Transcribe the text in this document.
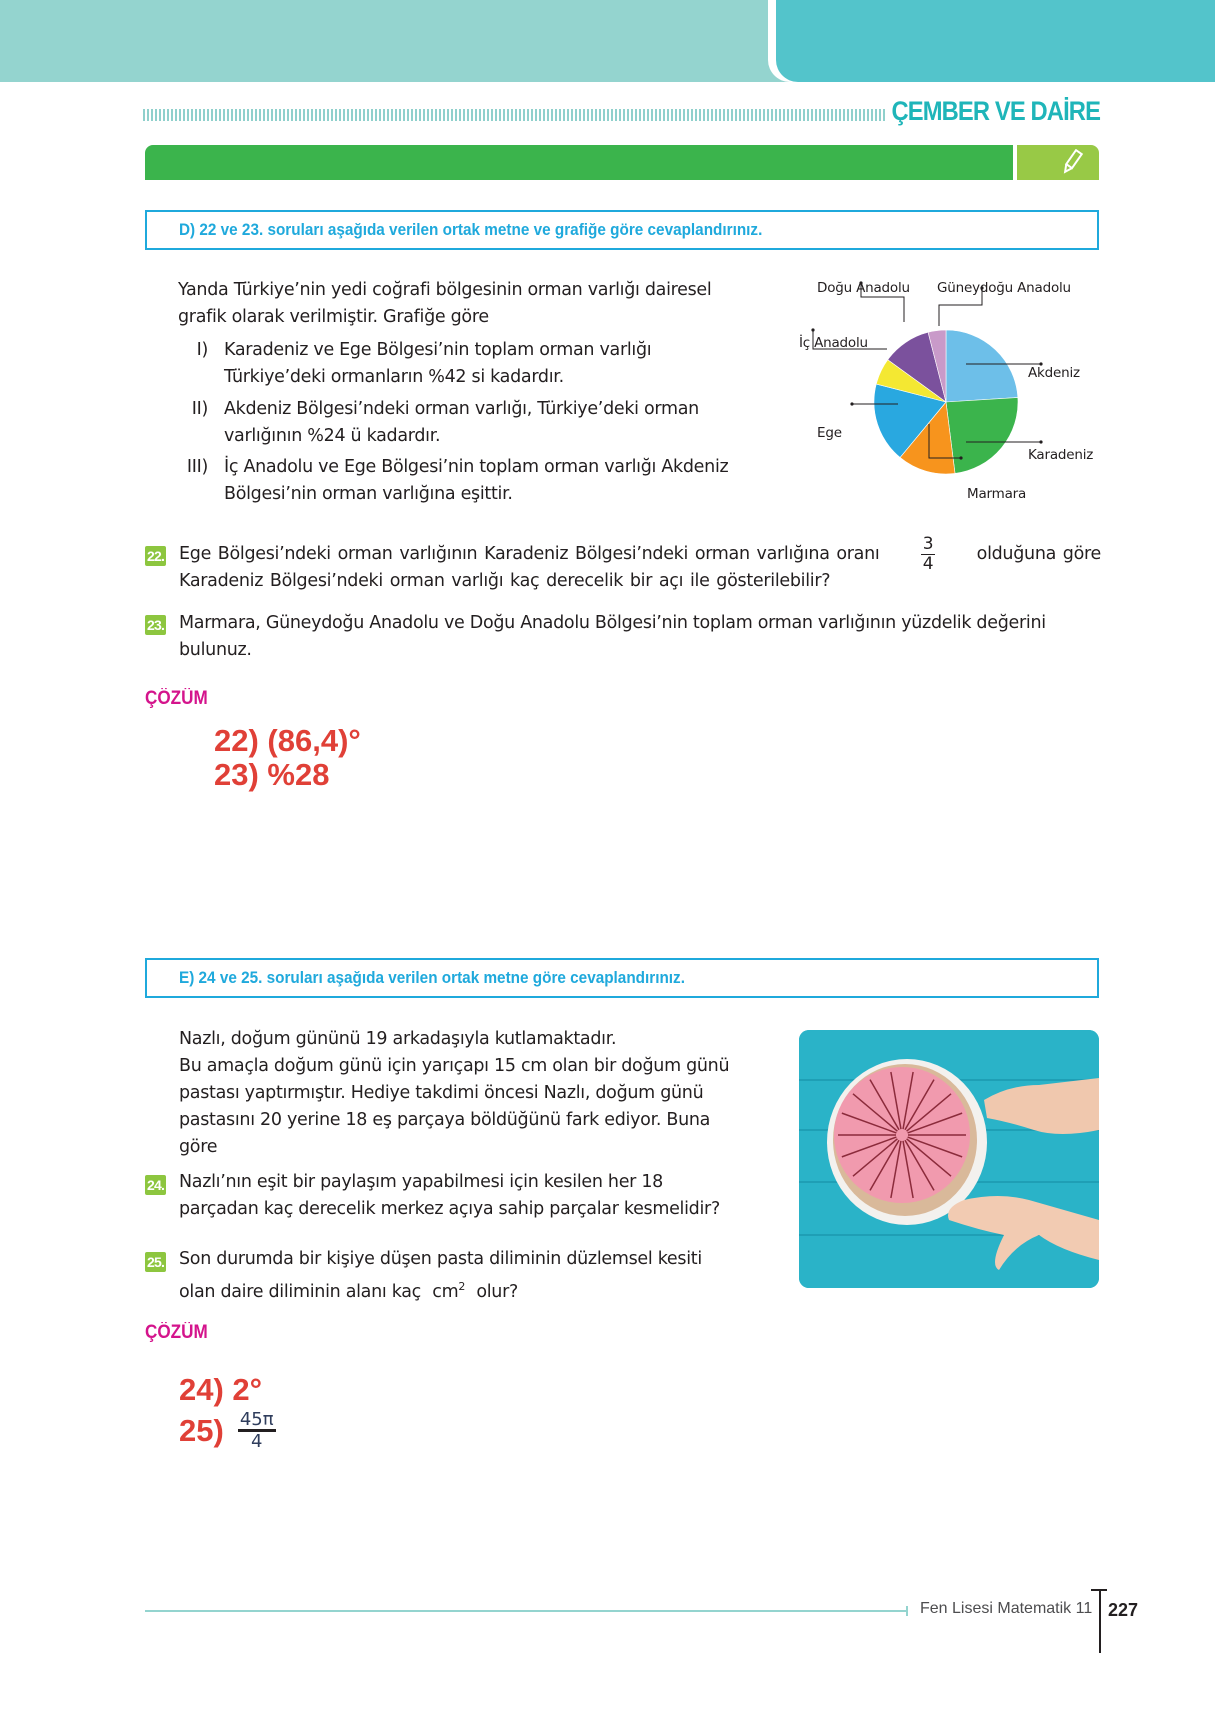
ÇEMBER VE DAİRE
D) 22 ve 23. soruları aşağıda verilen ortak metne ve grafiğe göre cevaplandırınız.
Yanda Türkiye’nin yedi coğrafi bölgesinin orman varlığı dairesel
grafik olarak verilmiştir. Grafiğe göre
I) Karadeniz ve Ege Bölgesi’nin toplam orman varlığı
Türkiye’deki ormanların %42 si kadardır.
II) Akdeniz Bölgesi’ndeki orman varlığı, Türkiye’deki orman
varlığının %24 ü kadardır.
III) İç Anadolu ve Ege Bölgesi’nin toplam orman varlığı Akdeniz
Bölgesi’nin orman varlığına eşittir.
Doğu Anadolu Güneydoğu Anadolu
İç Anadolu
Akdeniz
Ege
Karadeniz
Marmara
22. Ege Bölgesi’ndeki orman varlığının Karadeniz Bölgesi’ndeki orman varlığına oranı $\frac{3}{4}$ olduğuna göre
Karadeniz Bölgesi’ndeki orman varlığı kaç derecelik bir açı ile gösterilebilir?
23. Marmara, Güneydoğu Anadolu ve Doğu Anadolu Bölgesi’nin toplam orman varlığının yüzdelik değerini
bulunuz.
ÇÖZÜM
22) (86,4)°
23) %28
E) 24 ve 25. soruları aşağıda verilen ortak metne göre cevaplandırınız.
Nazlı, doğum gününü 19 arkadaşıyla kutlamaktadır.
Bu amaçla doğum günü için yarıçapı 15 cm olan bir doğum günü
pastası yaptırmıştır. Hediye takdimi öncesi Nazlı, doğum günü
pastasını 20 yerine 18 eş parçaya böldüğünü fark ediyor. Buna
göre
24. Nazlı’nın eşit bir paylaşım yapabilmesi için kesilen her 18
parçadan kaç derecelik merkez açıya sahip parçalar kesmelidir?
25. Son durumda bir kişiye düşen pasta diliminin düzlemsel kesiti
olan daire diliminin alanı kaç $cm^2$ olur?
ÇÖZÜM
24) 2°
$25) \frac{45\pi}{4}$
Fen Lisesi Matematik 11 227
